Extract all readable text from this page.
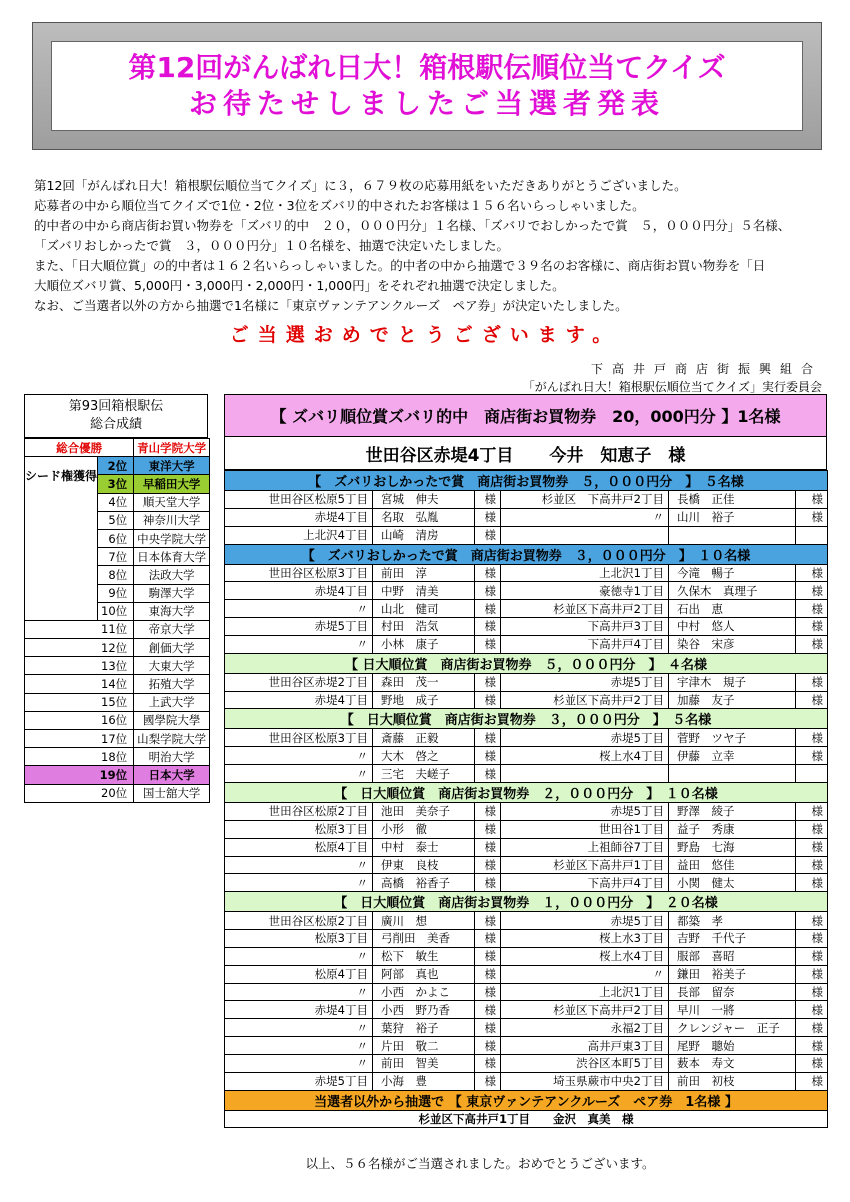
第12回がんばれ日大！箱根駅伝順位当てクイズ
お待たせしましたご当選者発表

第12回「がんばれ日大！箱根駅伝順位当てクイズ」に３，６７９枚の応募用紙をいただきありがとうございました。

応募者の中から順位当てクイズで1位・2位・3位をズバリ的中されたお客様は１５６名いらっしゃいました。

的中者の中から商店街お買い物券を「ズバリ的中　２０，０００円分」１名様、「ズバリでおしかったで賞　５，０００円分」５名様、

「ズバリおしかったで賞　３，０００円分」１０名様を、抽選で決定いたしました。

また、「日大順位賞」の的中者は１６２名いらっしゃいました。的中者の中から抽選で３９名のお客様に、商店街お買い物券を「日

大順位ズバリ賞、5,000円・3,000円・2,000円・1,000円」をそれぞれ抽選で決定しました。

なお、ご当選者以外の方から抽選で1名様に「東京ヴァンテアンクルーズ　ペア券」が決定いたしました。

ご当選おめでとうございます。
下高井戸商店街振興組合
「がんばれ日大！箱根駅伝順位当てクイズ」実行委員会
第93回箱根駅伝
総合成績
総合優勝		青山学院大学
シード権獲得	2位	東洋大学
	3位	早稲田大学
	4位	順天堂大学
	5位	神奈川大学
	6位	中央学院大学
	7位	日本体育大学
	8位	法政大学
	9位	駒澤大学
	10位	東海大学
11位		帝京大学
12位		創価大学
13位		大東大学
14位		拓殖大学
15位		上武大学
16位		國學院大學
17位		山梨学院大学
18位		明治大学
19位		日本大学
20位		国士舘大学
【 ズバリ順位賞ズバリ的中　商店街お買物券　20，000円分 】1名様
世田谷区赤堤4丁目 今井　知恵子　様
【　ズバリおしかったで賞　商店街お買物券　５，０００円分　】　５名様					
世田谷区松原5丁目	宮城　伸夫	様	杉並区　下高井戸2丁目	長橋　正佳	様
赤堤4丁目	名取　弘胤	様	〃	山川　裕子	様
上北沢4丁目	山崎　清房	様			
【　ズバリおしかったで賞　商店街お買物券　３，０００円分　】　１０名様					
世田谷区松原3丁目	前田　淳	様	上北沢1丁目	今滝　暢子	様
赤堤4丁目	中野　清美	様	豪徳寺1丁目	久保木　真理子	様
〃	山北　健司	様	杉並区下高井戸2丁目	石出　恵	様
赤堤5丁目	村田　浩気	様	下高井戸3丁目	中村　悠人	様
〃	小林　康子	様	下高井戸4丁目	染谷　宋彦	様
【 日大順位賞　商店街お買物券　５，０００円分　】　４名様					
世田谷区赤堤2丁目	森田　茂一	様	赤堤5丁目	宇津木　規子	様
赤堤4丁目	野地　成子	様	杉並区下高井戸2丁目	加藤　友子	様
【　日大順位賞　商店街お買物券　３，０００円分　】　５名様					
世田谷区松原3丁目	斎藤　正毅	様	赤堤5丁目	菅野　ツヤ子	様
〃	大木　啓之	様	桜上水4丁目	伊藤　立幸	様
〃	三宅　夫嵯子	様			
【　日大順位賞　商店街お買物券　２，０００円分　】　１０名様					
世田谷区松原2丁目	池田　美奈子	様	赤堤5丁目	野澤　綾子	様
松原3丁目	小形　徹	様	世田谷1丁目	益子　秀康	様
松原4丁目	中村　泰士	様	上祖師谷7丁目	野島　七海	様
〃	伊東　良枝	様	杉並区下高井戸1丁目	益田　悠佳	様
〃	高橋　裕香子	様	下高井戸4丁目	小関　健太	様
【　日大順位賞　商店街お買物券　１，０００円分　】　２０名様					
世田谷区松原2丁目	廣川　想	様	赤堤5丁目	都築　孝	様
松原3丁目	弓削田　美香	様	桜上水3丁目	吉野　千代子	様
〃	松下　敏生	様	桜上水4丁目	服部　喜昭	様
松原4丁目	阿部　真也	様	〃	鎌田　裕美子	様
〃	小西　かよこ	様	上北沢1丁目	長部　留奈	様
赤堤4丁目	小西　野乃香	様	杉並区下高井戸2丁目	早川　一將	様
〃	葉狩　裕子	様	永福2丁目	クレンジャー　正子	様
〃	片田　敬二	様	高井戸東3丁目	尾野　聰始	様
〃	前田　智美	様	渋谷区本町5丁目	薮本　寿文	様
赤堤5丁目	小海　豊	様	埼玉県蕨市中央2丁目	前田　初枝	様
当選者以外から抽選で 【 東京ヴァンテアンクルーズ　ペア券　1名様 】					
杉並区下高井戸1丁目　　金沢　真美　様					
以上、５６名様がご当選されました。おめでとうございます。
